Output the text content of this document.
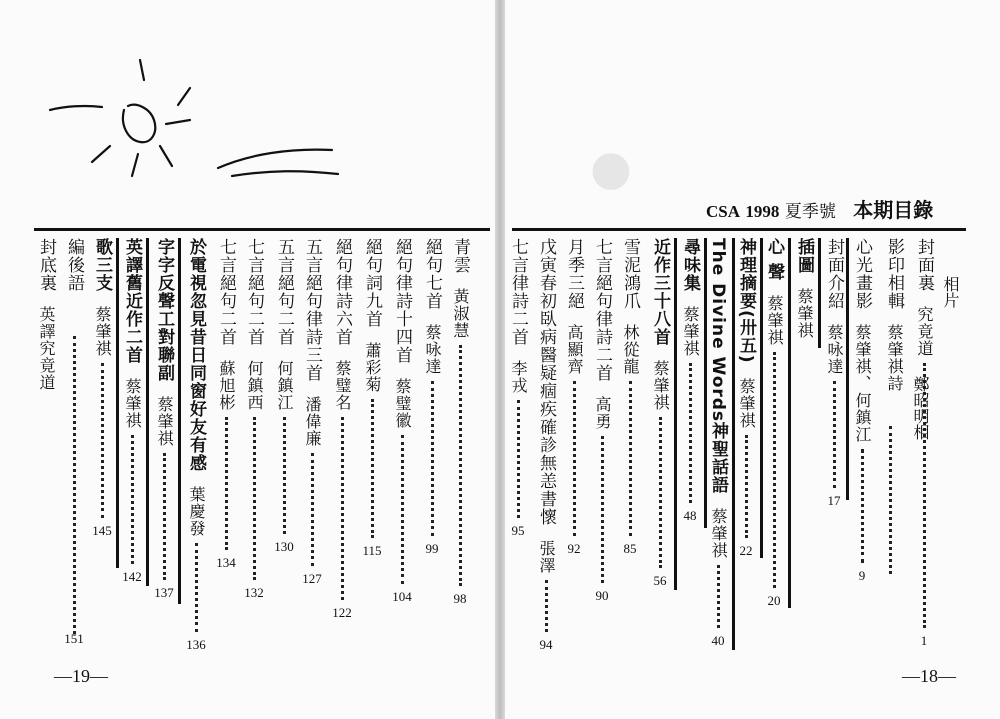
●
CSA 1998 夏季號 本期目錄
封面裏
究竟道
1
相片
影印相輯
蔡肇祺詩
鄭昭明相
心光畫影
蔡肇祺、何鎮江
9
封面介紹
蔡咏達
17
插圖
蔡肇祺
心 聲
蔡肇祺
20
神理摘要(卅五)
蔡肇祺
22
The Divine Words神聖話語
蔡肇祺
40
尋味集
蔡肇祺
48
近作三十八首
蔡肇祺
56
雪泥鴻爪
林從龍
85
七言絕句律詩二首
高勇
90
月季三絕
高顯齊
92
戊寅春初臥病醫疑痼疾確診無恙書懷
張澤
94
七言律詩二首
李戎
95
青雲
黃淑慧
98
絕句七首
蔡咏達
99
絕句律詩十四首
蔡璧徽
104
絕句詞九首
蕭彩菊
115
絕句律詩六首
蔡璧名
122
五言絕句律詩三首
潘偉廉
127
五言絕句二首
何鎮江
130
七言絕句二首
何鎮西
132
七言絕句二首
蘇旭彬
134
於電視忽見昔日同窗好友有感
葉慶發
136
字字反聲工對聯副
蔡肇祺
137
英譯舊近作二首
蔡肇祺
142
歌三支
蔡肇祺
145
編後語
封底裏
英譯究竟道
151
—19—	—18—
